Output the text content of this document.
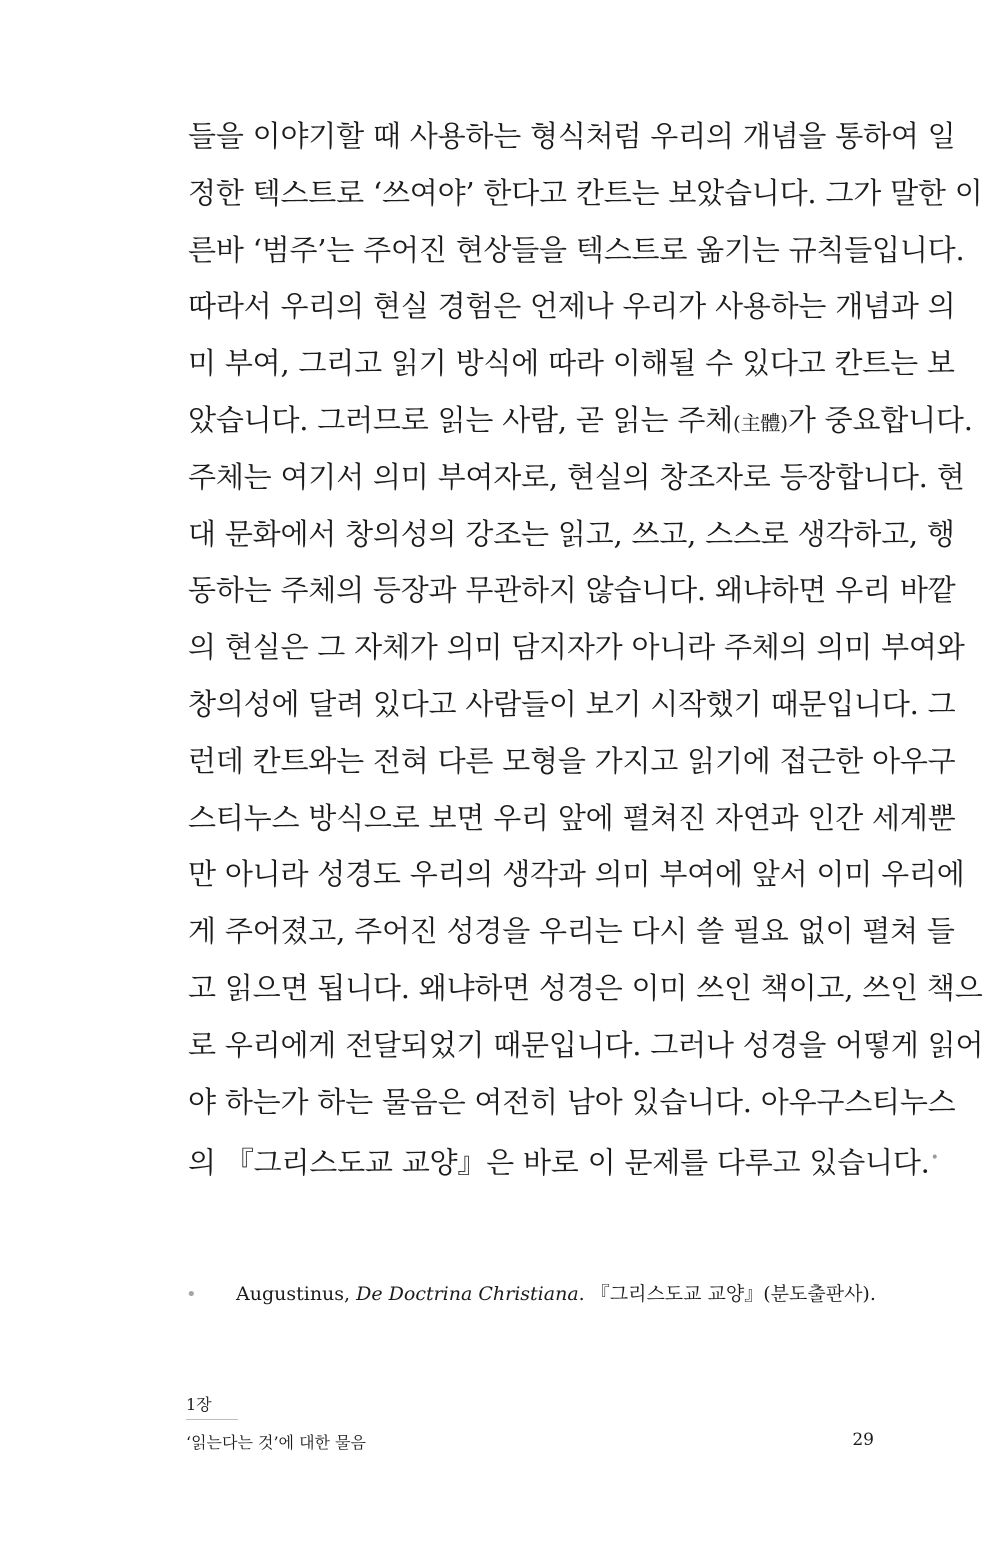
들을 이야기할 때 사용하는 형식처럼 우리의 개념을 통하여 일
정한 텍스트로 ‘쓰여야’ 한다고 칸트는 보았습니다. 그가 말한 이
른바 ‘범주’는 주어진 현상들을 텍스트로 옮기는 규칙들입니다.
따라서 우리의 현실 경험은 언제나 우리가 사용하는 개념과 의
미 부여, 그리고 읽기 방식에 따라 이해될 수 있다고 칸트는 보
았습니다. 그러므로 읽는 사람, 곧 읽는 주체(主體)가 중요합니다.
주체는 여기서 의미 부여자로, 현실의 창조자로 등장합니다. 현
대 문화에서 창의성의 강조는 읽고, 쓰고, 스스로 생각하고, 행
동하는 주체의 등장과 무관하지 않습니다. 왜냐하면 우리 바깥
의 현실은 그 자체가 의미 담지자가 아니라 주체의 의미 부여와
창의성에 달려 있다고 사람들이 보기 시작했기 때문입니다. 그
런데 칸트와는 전혀 다른 모형을 가지고 읽기에 접근한 아우구
스티누스 방식으로 보면 우리 앞에 펼쳐진 자연과 인간 세계뿐
만 아니라 성경도 우리의 생각과 의미 부여에 앞서 이미 우리에
게 주어졌고, 주어진 성경을 우리는 다시 쓸 필요 없이 펼쳐 들
고 읽으면 됩니다. 왜냐하면 성경은 이미 쓰인 책이고, 쓰인 책으
로 우리에게 전달되었기 때문입니다. 그러나 성경을 어떻게 읽어
야 하는가 하는 물음은 여전히 남아 있습니다. 아우구스티누스
의 『그리스도교 교양』은 바로 이 문제를 다루고 있습니다.•
• Augustinus, De Doctrina Christiana. 『그리스도교 교양』(분도출판사).
1장
‘읽는다는 것’에 대한 물음	29
